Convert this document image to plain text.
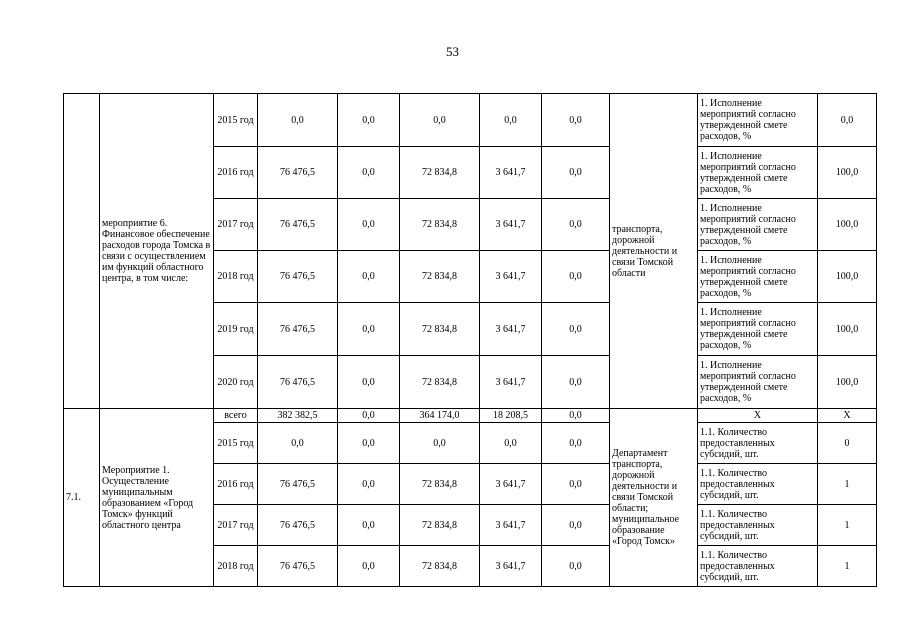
53
	мероприятие 6. Финансовое обеспечение расходов города Томска в связи с осуществлением им функций областного центра, в том числе:	2015 год	0,0	0,0	0,0	0,0	0,0	транспорта, дорожной деятельности и связи Томской области	1. Исполнение мероприятий согласно утвержденной смете расходов, %	0,0
		2016 год	76 476,5	0,0	72 834,8	3 641,7	0,0		1. Исполнение мероприятий согласно утвержденной смете расходов, %	100,0
		2017 год	76 476,5	0,0	72 834,8	3 641,7	0,0		1. Исполнение мероприятий согласно утвержденной смете расходов, %	100,0
		2018 год	76 476,5	0,0	72 834,8	3 641,7	0,0		1. Исполнение мероприятий согласно утвержденной смете расходов, %	100,0
		2019 год	76 476,5	0,0	72 834,8	3 641,7	0,0		1. Исполнение мероприятий согласно утвержденной смете расходов, %	100,0
		2020 год	76 476,5	0,0	72 834,8	3 641,7	0,0		1. Исполнение мероприятий согласно утвержденной смете расходов, %	100,0
7.1.	Мероприятие 1. Осуществление муниципальным образованием «Город Томск» функций областного центра	всего	382 382,5	0,0	364 174,0	18 208,5	0,0	Департамент транспорта, дорожной деятельности и связи Томской области; муниципальное образование «Город Томск»	X	X
		2015 год	0,0	0,0	0,0	0,0	0,0		1.1. Количество предоставленных субсидий, шт.	0
		2016 год	76 476,5	0,0	72 834,8	3 641,7	0,0		1.1. Количество предоставленных субсидий, шт.	1
		2017 год	76 476,5	0,0	72 834,8	3 641,7	0,0		1.1. Количество предоставленных субсидий, шт.	1
		2018 год	76 476,5	0,0	72 834,8	3 641,7	0,0		1.1. Количество предоставленных субсидий, шт.	1
